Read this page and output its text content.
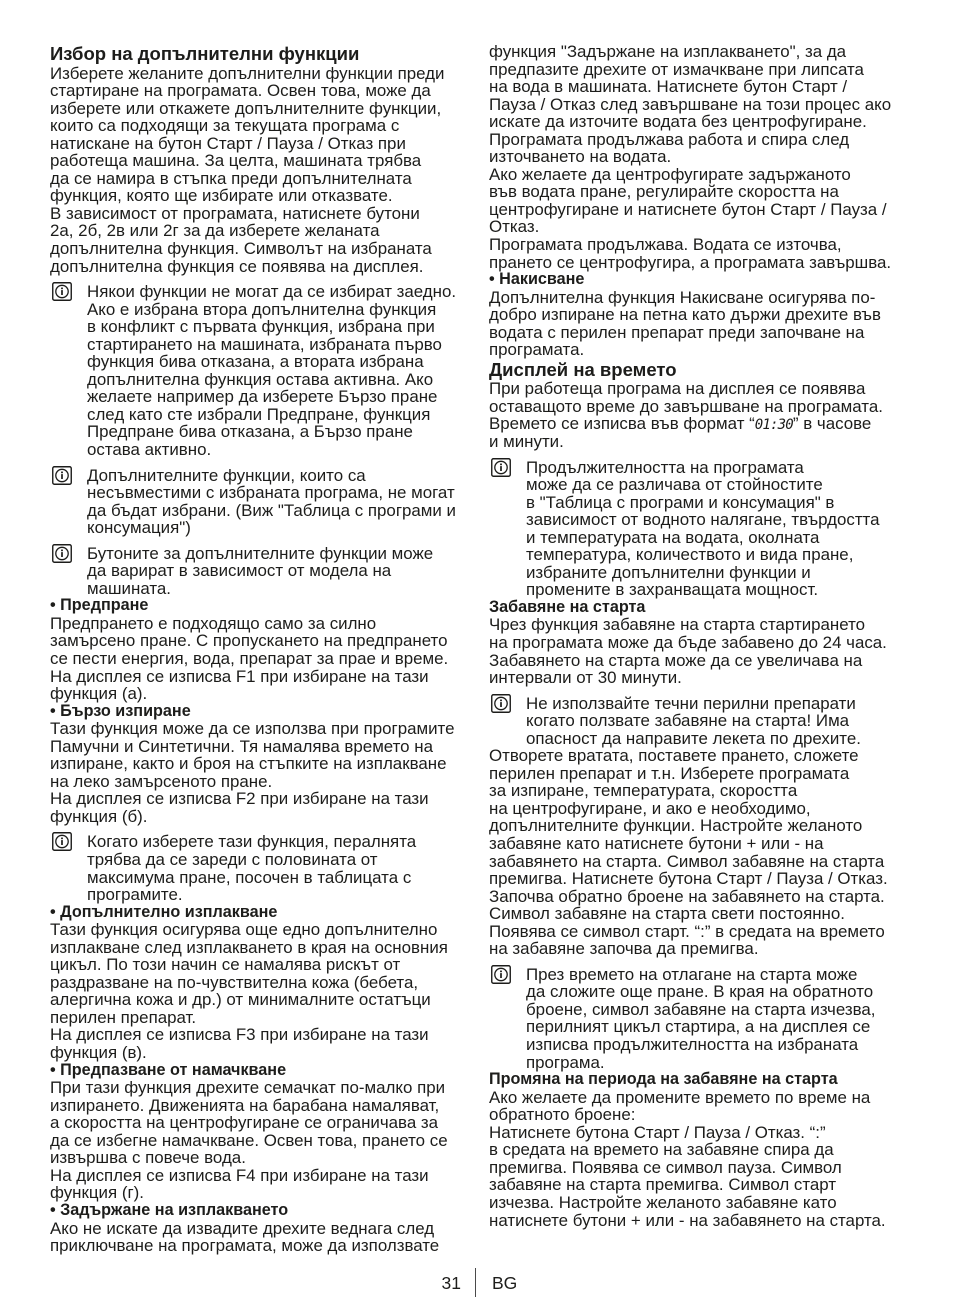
Избор на допълнителни функции
Изберете желаните допълнителни функции преди
стартиране на програмата. Освен това, може да
изберете или откажете допълнителните функции,
които са подходящи за текущата програма с
натискане на бутон Старт / Пауза / Отказ при
работеща машина. За целта, машината трябва
да се намира в стъпка преди допълнителната
функция, която ще избирате или отказвате.
В зависимост от програмата, натиснете бутони
2а, 2б, 2в или 2г за да изберете желаната
допълнителна функция. Символът на избраната
допълнителна функция се появява на дисплея.
Някои функции не могат да се избират заедно.
Ако е избрана втора допълнителна функция
в конфликт с първата функция, избрана при
стартирането на машината, избраната първо
функция бива отказана, а втората избрана
допълнителна функция остава активна. Ако
желаете например да изберете Бързо пране
след като сте избрали Предпране, функция
Предпране бива отказана, а Бързо пране
остава активно.
Допълнителните функции, които са
несъвместими с избраната програма, не могат
да бъдат избрани. (Виж "Таблица с програми и
консумация")
Бутоните за допълнителните функции може
да варират в зависимост от модела на
машината.
• Предпране
Предпрането е подходящо само за силно
замърсено пране. С пропускането на предпрането
се пести енергия, вода, препарат за прае и време.
На дисплея се изписва F1 при избиране на тази
функция (а).
• Бързо изпиране
Тази функция може да се използва при програмите
Памучни и Синтетични. Тя намалява времето на
изпиране, както и броя на стъпките на изплакване
на леко замърсеното пране.
На дисплея се изписва F2 при избиране на тази
функция (б).
Когато изберете тази функция, пералнята
трябва да се зареди с половината от
максимума пране, посочен в таблицата с
програмите.
• Допълнително изплакване
Тази функция осигурява още едно допълнително
изплакване след изплакването в края на основния
цикъл. По този начин се намалява рискът от
раздразване на по-чувствителна кожа (бебета,
алергична кожа и др.) от минималните остатъци
перилен препарат.
На дисплея се изписва F3 при избиране на тази
функция (в).
• Предпазване от намачкване
При тази функция дрехите семачкат по-малко при
изпирането. Движенията на барабана намаляват,
а скоростта на центрофугиране се ограничава за
да се избегне намачкване. Освен това, прането се
извършва с повече вода.
На дисплея се изписва F4 при избиране на тази
функция (г).
• Задържане на изплакването
Ако не искате да извадите дрехите веднага след
приключване на програмата, може да използвате
функция "Задържане на изплакването", за да
предпазите дрехите от измачкване при липсата
на вода в машината. Натиснете бутон Старт /
Пауза / Отказ след завършване на този процес ако
искате да източите водата без центрофугиране.
Програмата продължава работа и спира след
източването на водата.
Ако желаете да центрофугирате задържаното
във водата пране, регулирайте скоростта на
центрофугиране и натиснете бутон Старт / Пауза /
Отказ.
Програмата продължава. Водата се източва,
прането се центрофугира, а програмата завършва.
• Накисване
Допълнителна функция Накисване осигурява по-
добро изпиране на петна като държи дрехите във
водата с перилен препарат преди започване на
програмата.
Дисплей на времето
При работеща програма на дисплея се появява
оставащото време до завършване на програмата.
Времето се изписва във формат “01:30” в часове
и минути.
Продължителността на програмата
може да се различава от стойностите
в "Таблица с програми и консумация" в
зависимост от водното налягане, твърдостта
и температурата на водата, околната
температура, количеството и вида пране,
избраните допълнителни функции и
промените в захранващата мощност.
Забавяне на старта
Чрез функция забавяне на старта стартирането
на програмата може да бъде забавено до 24 часа.
Забавянето на старта може да се увеличава на
интервали от 30 минути.
Не използвайте течни перилни препарати
когато ползвате забавяне на старта! Има
опасност да направите лекета по дрехите.
Отворете вратата, поставете прането, сложете
перилен препарат и т.н. Изберете програмата
за изпиране, температурата, скоростта
на центрофугиране, и ако е необходимо,
допълнителните функции. Настройте желаното
забавяне като натиснете бутони + или - на
забавянето на старта. Символ забавяне на старта
премигва. Натиснете бутона Старт / Пауза / Отказ.
Започва обратно броене на забавянето на старта.
Символ забавяне на старта свети постоянно.
Появява се символ старт. “:” в средата на времето
на забавяне започва да премигва.
През времето на отлагане на старта може
да сложите още пране. В края на обратното
броене, символ забавяне на старта изчезва,
перилният цикъл стартира, а на дисплея се
изписва продължителността на избраната
програма.
Промяна на периода на забавяне на старта
Ако желаете да промените времето по време на
обратното броене:
Натиснете бутона Старт / Пауза / Отказ. “:”
в средата на времето на забавяне спира да
премигва. Появява се символ пауза. Символ
забавяне на старта премигва. Символ старт
изчезва. Настройте желаното забавяне като
натиснете бутони + или - на забавянето на старта.
31 BG
